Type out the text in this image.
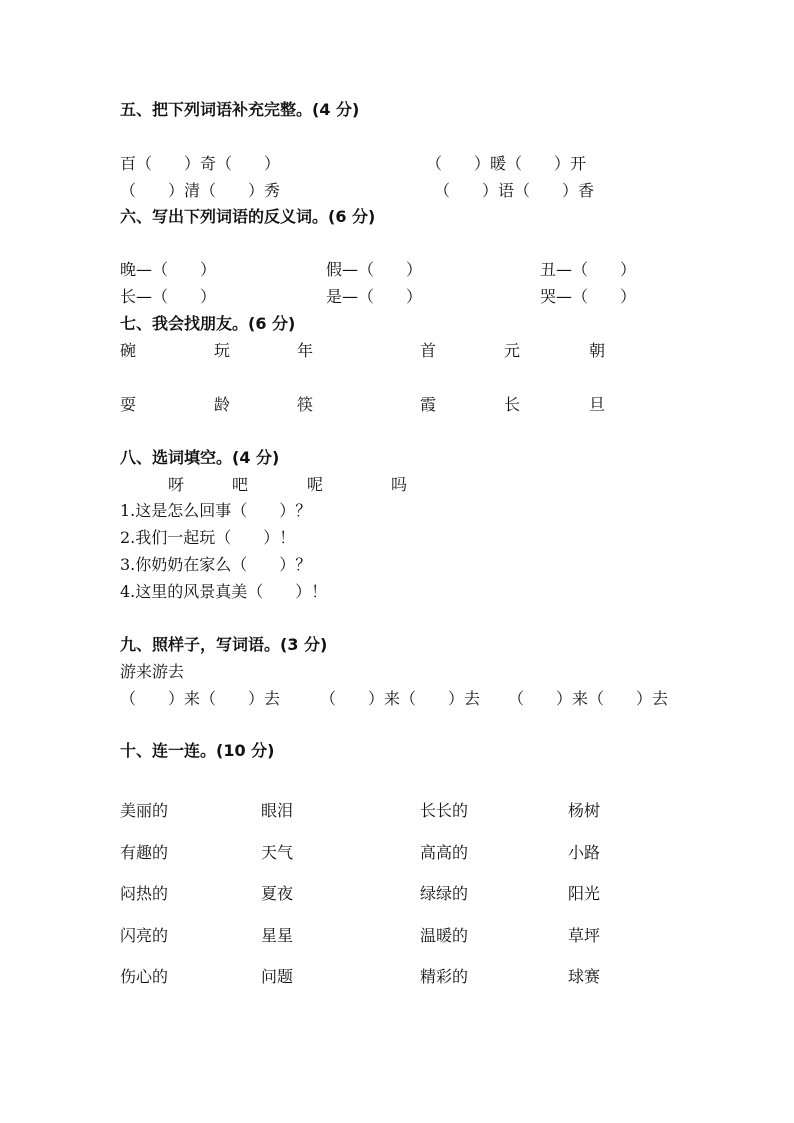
五、把下列词语补充完整。(4 分)
百（　　）奇（　　）	（　　）暖（　　）开
（　　）清（　　）秀	（　　）语（　　）香
六、写出下列词语的反义词。(6 分)
晚—（　　）	假—（　　）	丑—（　　）
长—（　　）	是—（　　）	哭—（　　）
七、我会找朋友。(6 分)
碗	玩	年	首	元	朝
耍	龄	筷	霞	长	旦
八、选词填空。(4 分)
呀	吧	呢	吗
1.这是怎么回事（　　）？
2.我们一起玩（　　）！
3.你奶奶在家么（　　）？
4.这里的风景真美（　　）！
九、照样子，写词语。(3 分)
游来游去
（　　）来（　　）去 （　　）来（　　）去 （　　）来（　　）去
十、连一连。(10 分)
美丽的	眼泪	长长的	杨树
有趣的	天气	高高的	小路
闷热的	夏夜	绿绿的	阳光
闪亮的	星星	温暖的	草坪
伤心的	问题	精彩的	球赛
